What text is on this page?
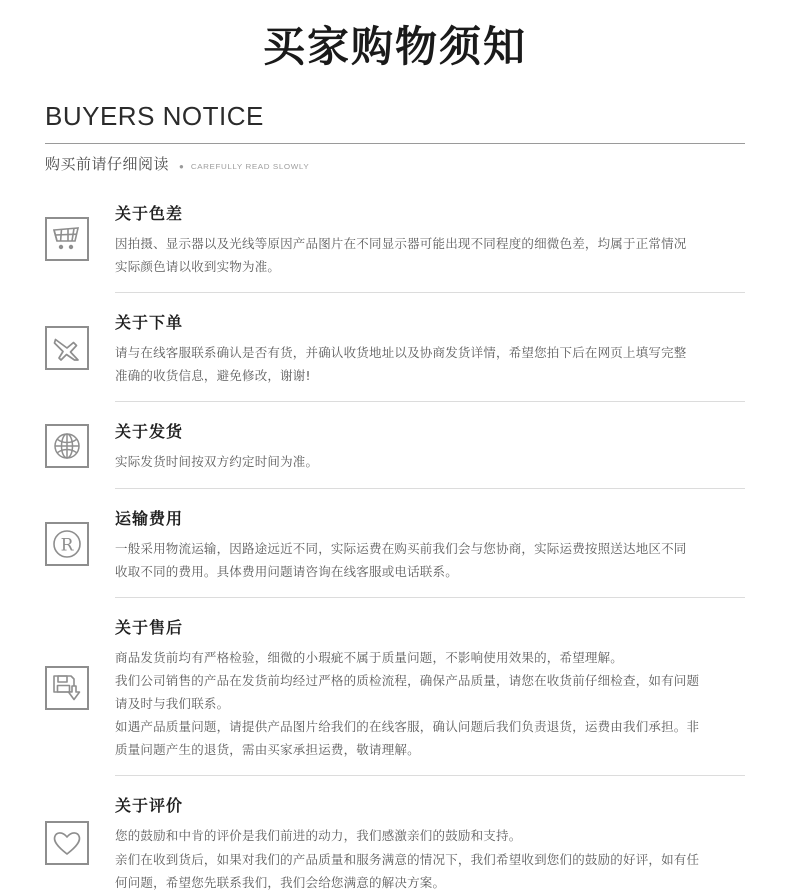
买家购物须知
BUYERS NOTICE
购买前请仔细阅读 ● CAREFULLY READ SLOWLY
关于色差

因拍摄、显示器以及光线等原因产品图片在不同显示器可能出现不同程度的细微色差，均属于正常情况

实际颜色请以收到实物为准。

关于下单

请与在线客服联系确认是否有货，并确认收货地址以及协商发货详情，希望您拍下后在网页上填写完整

准确的收货信息，避免修改，谢谢!

关于发货

实际发货时间按双方约定时间为准。

R
运输费用

一般采用物流运输，因路途远近不同，实际运费在购买前我们会与您协商，实际运费按照送达地区不同

收取不同的费用。具体费用问题请咨询在线客服或电话联系。

关于售后

商品发货前均有严格检验，细微的小瑕疵不属于质量问题，不影响使用效果的，希望理解。

我们公司销售的产品在发货前均经过严格的质检流程，确保产品质量，请您在收货前仔细检查，如有问题

请及时与我们联系。

如遇产品质量问题，请提供产品图片给我们的在线客服，确认问题后我们负责退货，运费由我们承担。非

质量问题产生的退货，需由买家承担运费，敬请理解。

关于评价

您的鼓励和中肯的评价是我们前进的动力，我们感激亲们的鼓励和支持。

亲们在收到货后，如果对我们的产品质量和服务满意的情况下，我们希望收到您们的鼓励的好评，如有任

何问题，希望您先联系我们，我们会给您满意的解决方案。
